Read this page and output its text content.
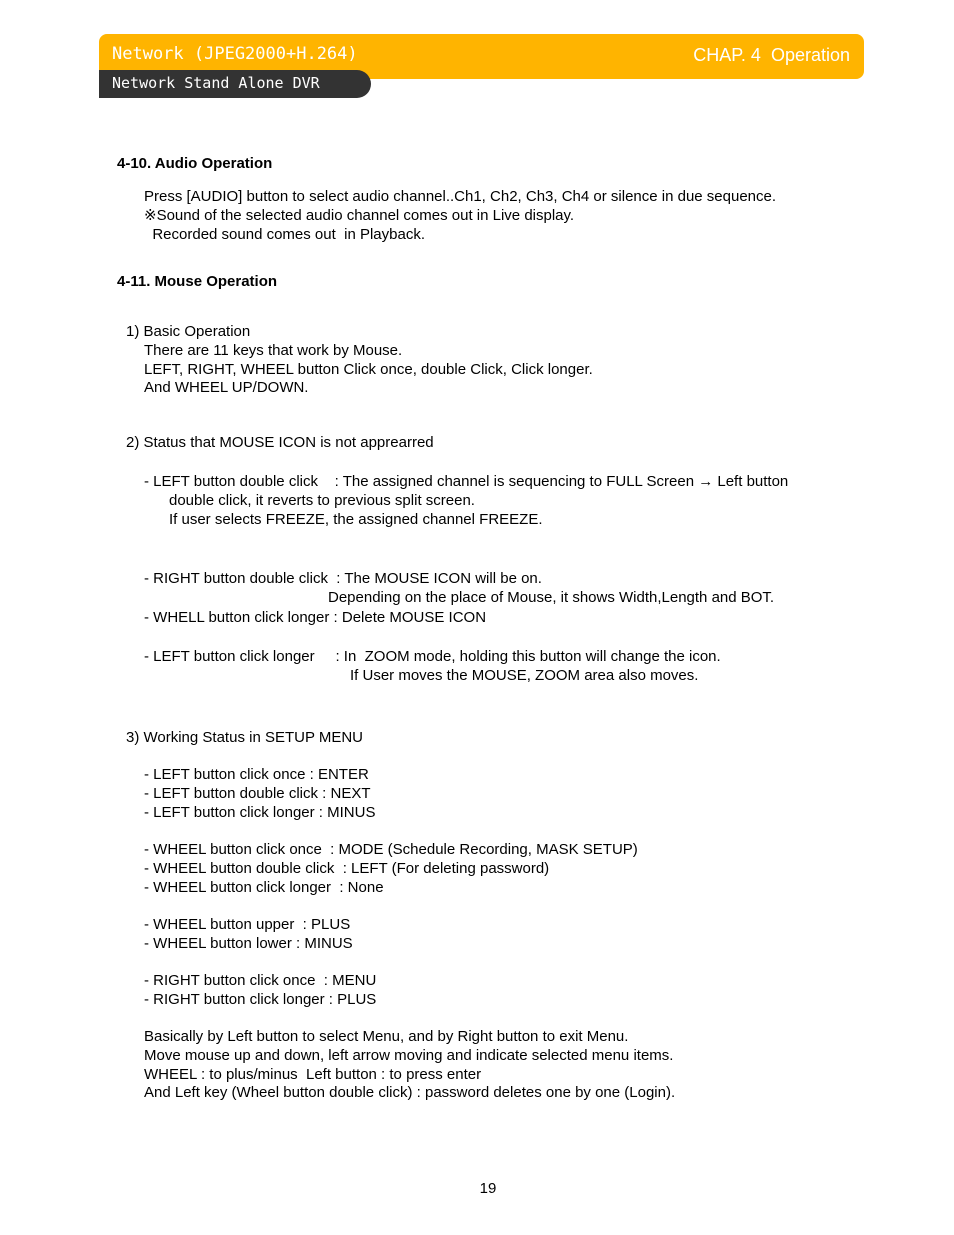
Network (JPEG2000+H.264)	CHAP. 4  Operation
Network Stand Alone DVR
4-10. Audio Operation
Press [AUDIO] button to select audio channel..Ch1, Ch2, Ch3, Ch4 or silence in due sequence.
※Sound of the selected audio channel comes out in Live display.
Recorded sound comes out  in Playback.
4-11. Mouse Operation
1) Basic Operation
There are 11 keys that work by Mouse.
LEFT, RIGHT, WHEEL button Click once, double Click, Click longer.
And WHEEL UP/DOWN.
2) Status that MOUSE ICON is not apprearred
- LEFT button double click    : The assigned channel is sequencing to FULL Screen → Left button
double click, it reverts to previous split screen.
If user selects FREEZE, the assigned channel FREEZE.
- RIGHT button double click  : The MOUSE ICON will be on.
Depending on the place of Mouse, it shows Width,Length and BOT.
- WHELL button click longer : Delete MOUSE ICON
- LEFT button click longer     : In  ZOOM mode, holding this button will change the icon.
If User moves the MOUSE, ZOOM area also moves.
3) Working Status in SETUP MENU
- LEFT button click once : ENTER
- LEFT button double click : NEXT
- LEFT button click longer : MINUS
- WHEEL button click once  : MODE (Schedule Recording, MASK SETUP)
- WHEEL button double click  : LEFT (For deleting password)
- WHEEL button click longer  : None
- WHEEL button upper  : PLUS
- WHEEL button lower : MINUS
- RIGHT button click once  : MENU
- RIGHT button click longer : PLUS
Basically by Left button to select Menu, and by Right button to exit Menu.
Move mouse up and down, left arrow moving and indicate selected menu items.
WHEEL : to plus/minus  Left button : to press enter
And Left key (Wheel button double click) : password deletes one by one (Login).
19
